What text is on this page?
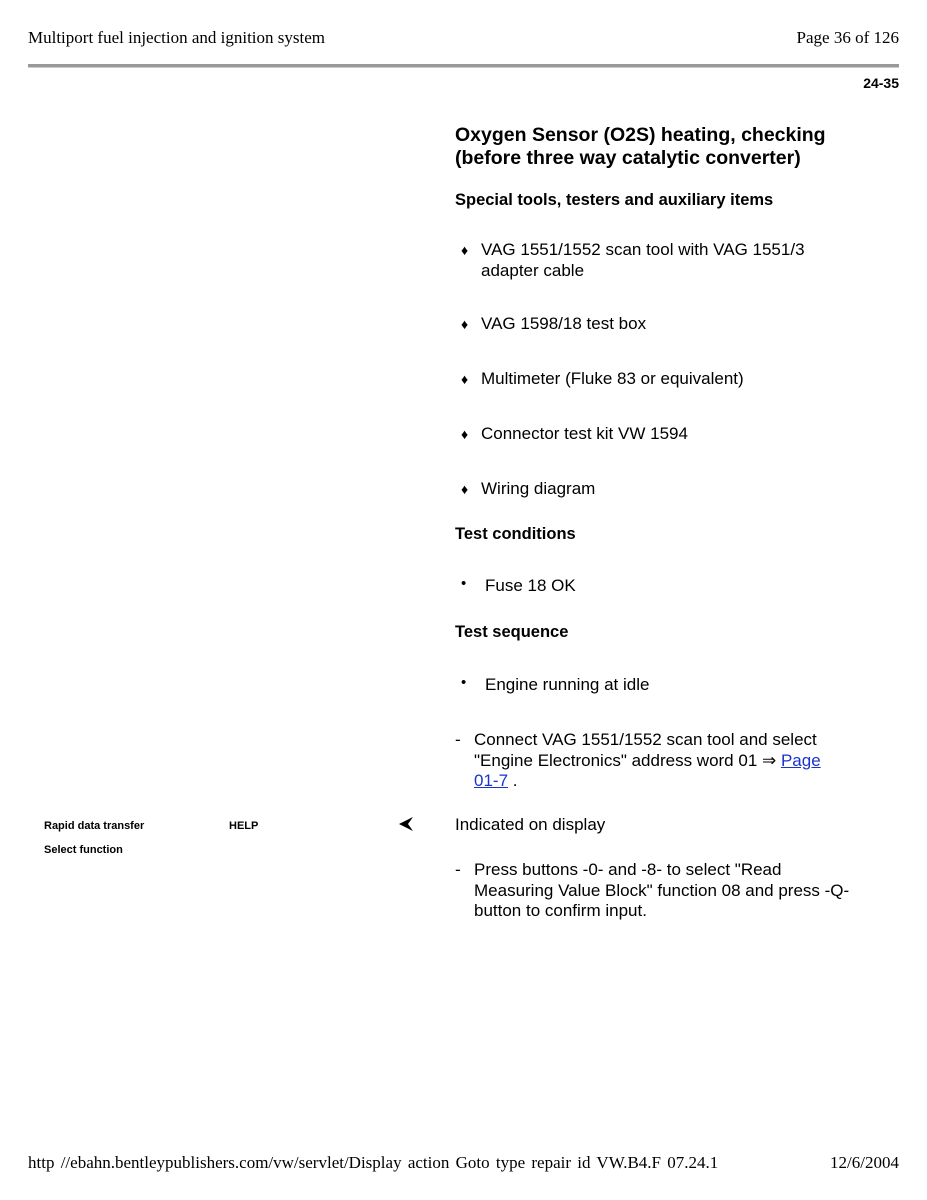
Multiport fuel injection and ignition system	Page 36 of 126
24-35
Oxygen Sensor (O2S) heating, checking
(before three way catalytic converter)
Special tools, testers and auxiliary items
♦ VAG 1551/1552 scan tool with VAG 1551/3
adapter cable
♦ VAG 1598/18 test box
♦ Multimeter (Fluke 83 or equivalent)
♦ Connector test kit VW 1594
♦ Wiring diagram
Test conditions
•	Fuse 18 OK
Test sequence
•	Engine running at idle
- Connect VAG 1551/1552 scan tool and select
"Engine Electronics" address word 01 ⇒ Page
01-7 .
Rapid data transfer	HELP
Select function
Indicated on display
- Press buttons -0- and -8- to select "Read
Measuring Value Block" function 08 and press -Q-
button to confirm input.
http //ebahn.bentleypublishers.com/vw/servlet/Display action Goto type repair id VW.B4.F 07.24.1	12/6/2004
